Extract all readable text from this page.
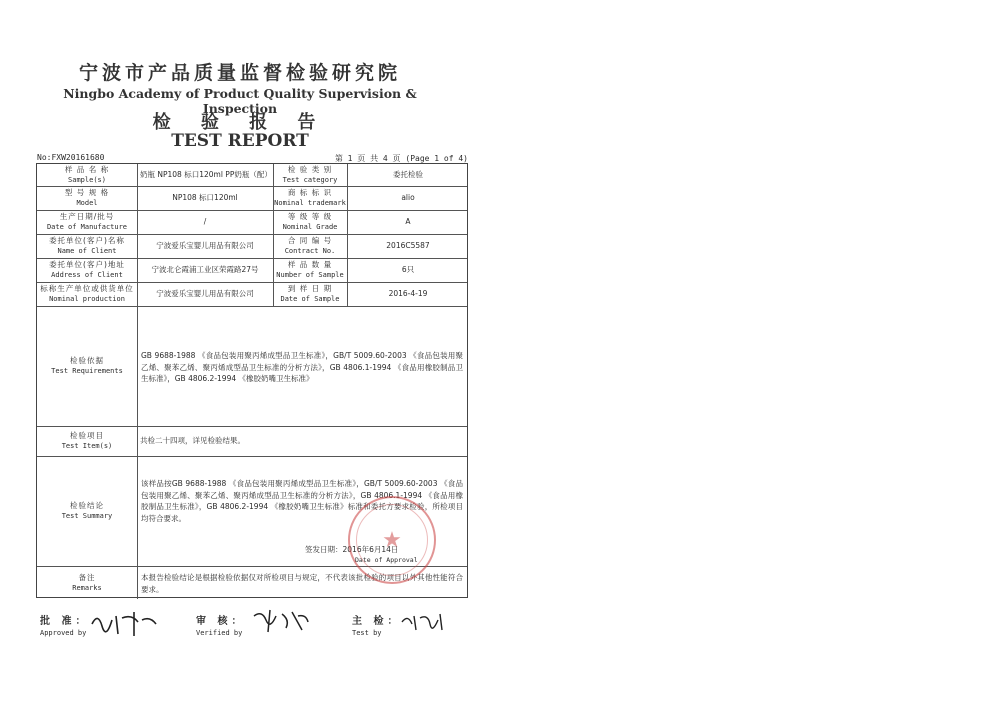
宁波市产品质量监督检验研究院
Ningbo Academy of Product Quality Supervision & Inspection
检 验 报 告
TEST REPORT
No:FXW20161680	第 1 页 共 4 页 (Page 1 of 4)
样 品 名 称
Sample(s)
奶瓶 NP108 标口120ml PP奶瓶（配）
检 验 类 别
Test category
委托检验
型 号 规 格
Model
NP108 标口120ml
商 标 标 识
Nominal trademark
alio
生产日期/批号
Date of Manufacture
/
等 级 等 级
Nominal Grade
A
委托单位(客户)名称
Name of Client
宁波爱乐宝婴儿用品有限公司
合 同 编 号
Contract No.
2016C5587
委托单位(客户)地址
Address of Client
宁波北仑霞浦工业区荣霞路27号
样 品 数 量
Number of Sample
6只
标称生产单位或供货单位
Nominal production
宁波爱乐宝婴儿用品有限公司
到 样 日 期
Date of Sample
2016-4-19
检验依据
Test Requirements
GB 9688-1988 《食品包装用聚丙烯成型品卫生标准》，GB/T 5009.60-2003 《食品包装用聚乙烯、聚苯乙烯、聚丙烯成型品卫生标准的分析方法》，GB 4806.1-1994 《食品用橡胶制品卫生标准》，GB 4806.2-1994 《橡胶奶嘴卫生标准》
检验项目
Test Item(s)
共检二十四项，详见检验结果。
检验结论
Test Summary
该样品按GB 9688-1988 《食品包装用聚丙烯成型品卫生标准》，GB/T 5009.60-2003 《食品包装用聚乙烯、聚苯乙烯、聚丙烯成型品卫生标准的分析方法》，GB 4806.1-1994 《食品用橡胶制品卫生标准》，GB 4806.2-1994 《橡胶奶嘴卫生标准》标准和委托方要求检验，所检项目均符合要求。
签发日期：2016年6月14日
Date of Approval
备注
Remarks
本报告检验结论是根据检验依据仅对所检项目与规定，不代表该批检验的项目以外其他性能符合要求。
★
批 准：
Approved by
审 核：
Verified by
主 检：
Test by
